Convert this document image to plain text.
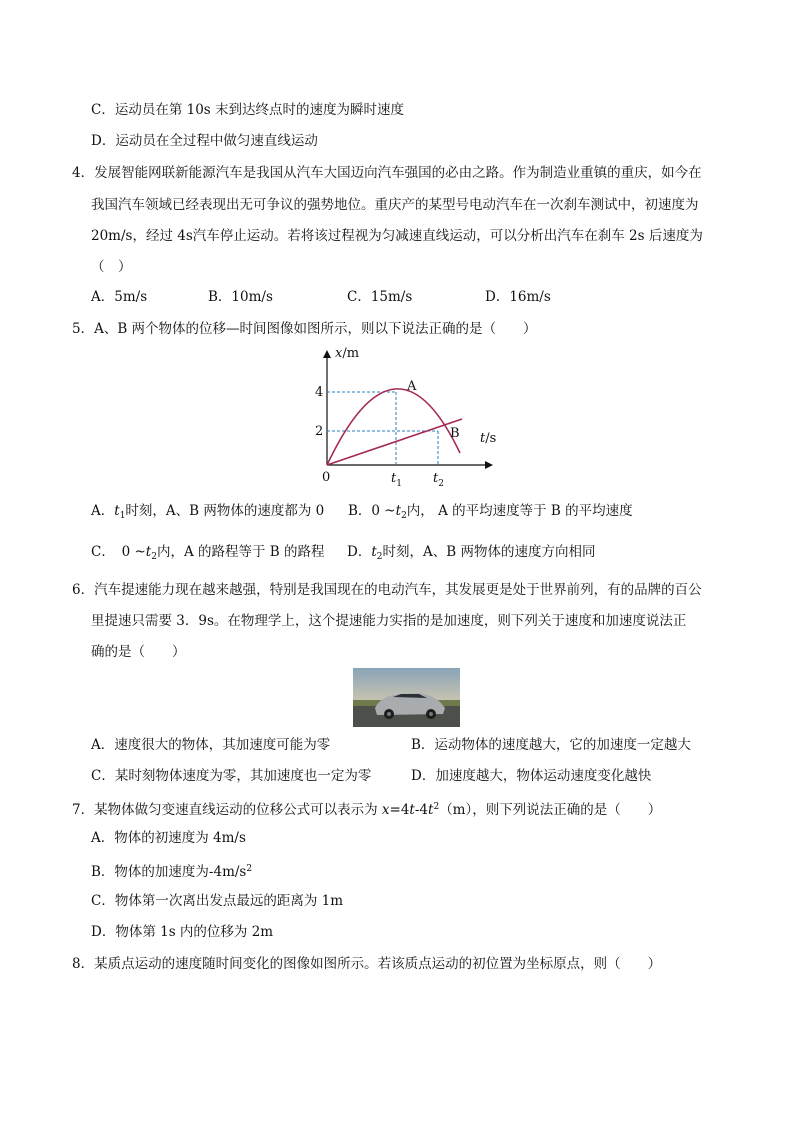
C．运动员在第 10s 末到达终点时的速度为瞬时速度
D．运动员在全过程中做匀速直线运动
4．发展智能网联新能源汽车是我国从汽车大国迈向汽车强国的必由之路。作为制造业重镇的重庆，如今在
我国汽车领域已经表现出无可争议的强势地位。重庆产的某型号电动汽车在一次刹车测试中，初速度为
20m/s，经过 4s汽车停止运动。若将该过程视为匀减速直线运动，可以分析出汽车在刹车 2s 后速度为
（　）
A．5m/s	B．10m/s	C．15m/s	D．16m/s
5．A、B 两个物体的位移—时间图像如图所示，则以下说法正确的是（　　）
x/m
4
2
0
A
B
$t_1$ $t_2$
t/s
A．$t_1$时刻，A、B 两物体的速度都为 0 B．0 $\sim t_2$内， A 的平均速度等于 B 的平均速度
C．　0 $\sim t_2$内，A 的路程等于 B 的路程 D．$t_2$时刻，A、B 两物体的速度方向相同
6．汽车提速能力现在越来越强，特别是我国现在的电动汽车，其发展更是处于世界前列，有的品牌的百公
里提速只需要 3．9s。在物理学上，这个提速能力实指的是加速度，则下列关于速度和加速度说法正
确的是（　　）
A．速度很大的物体，其加速度可能为零	B．运动物体的速度越大，它的加速度一定越大
C．某时刻物体速度为零，其加速度也一定为零	D．加速度越大，物体运动速度变化越快
7．某物体做匀变速直线运动的位移公式可以表示为 $x=4t-4t^2(m)$，则下列说法正确的是（　　）
A．物体的初速度为 4m/s
B．物体的加速度为$-4m/s^2$
C．物体第一次离出发点最远的距离为 1m
D．物体第 1s 内的位移为 2m
8．某质点运动的速度随时间变化的图像如图所示。若该质点运动的初位置为坐标原点，则（　　）
